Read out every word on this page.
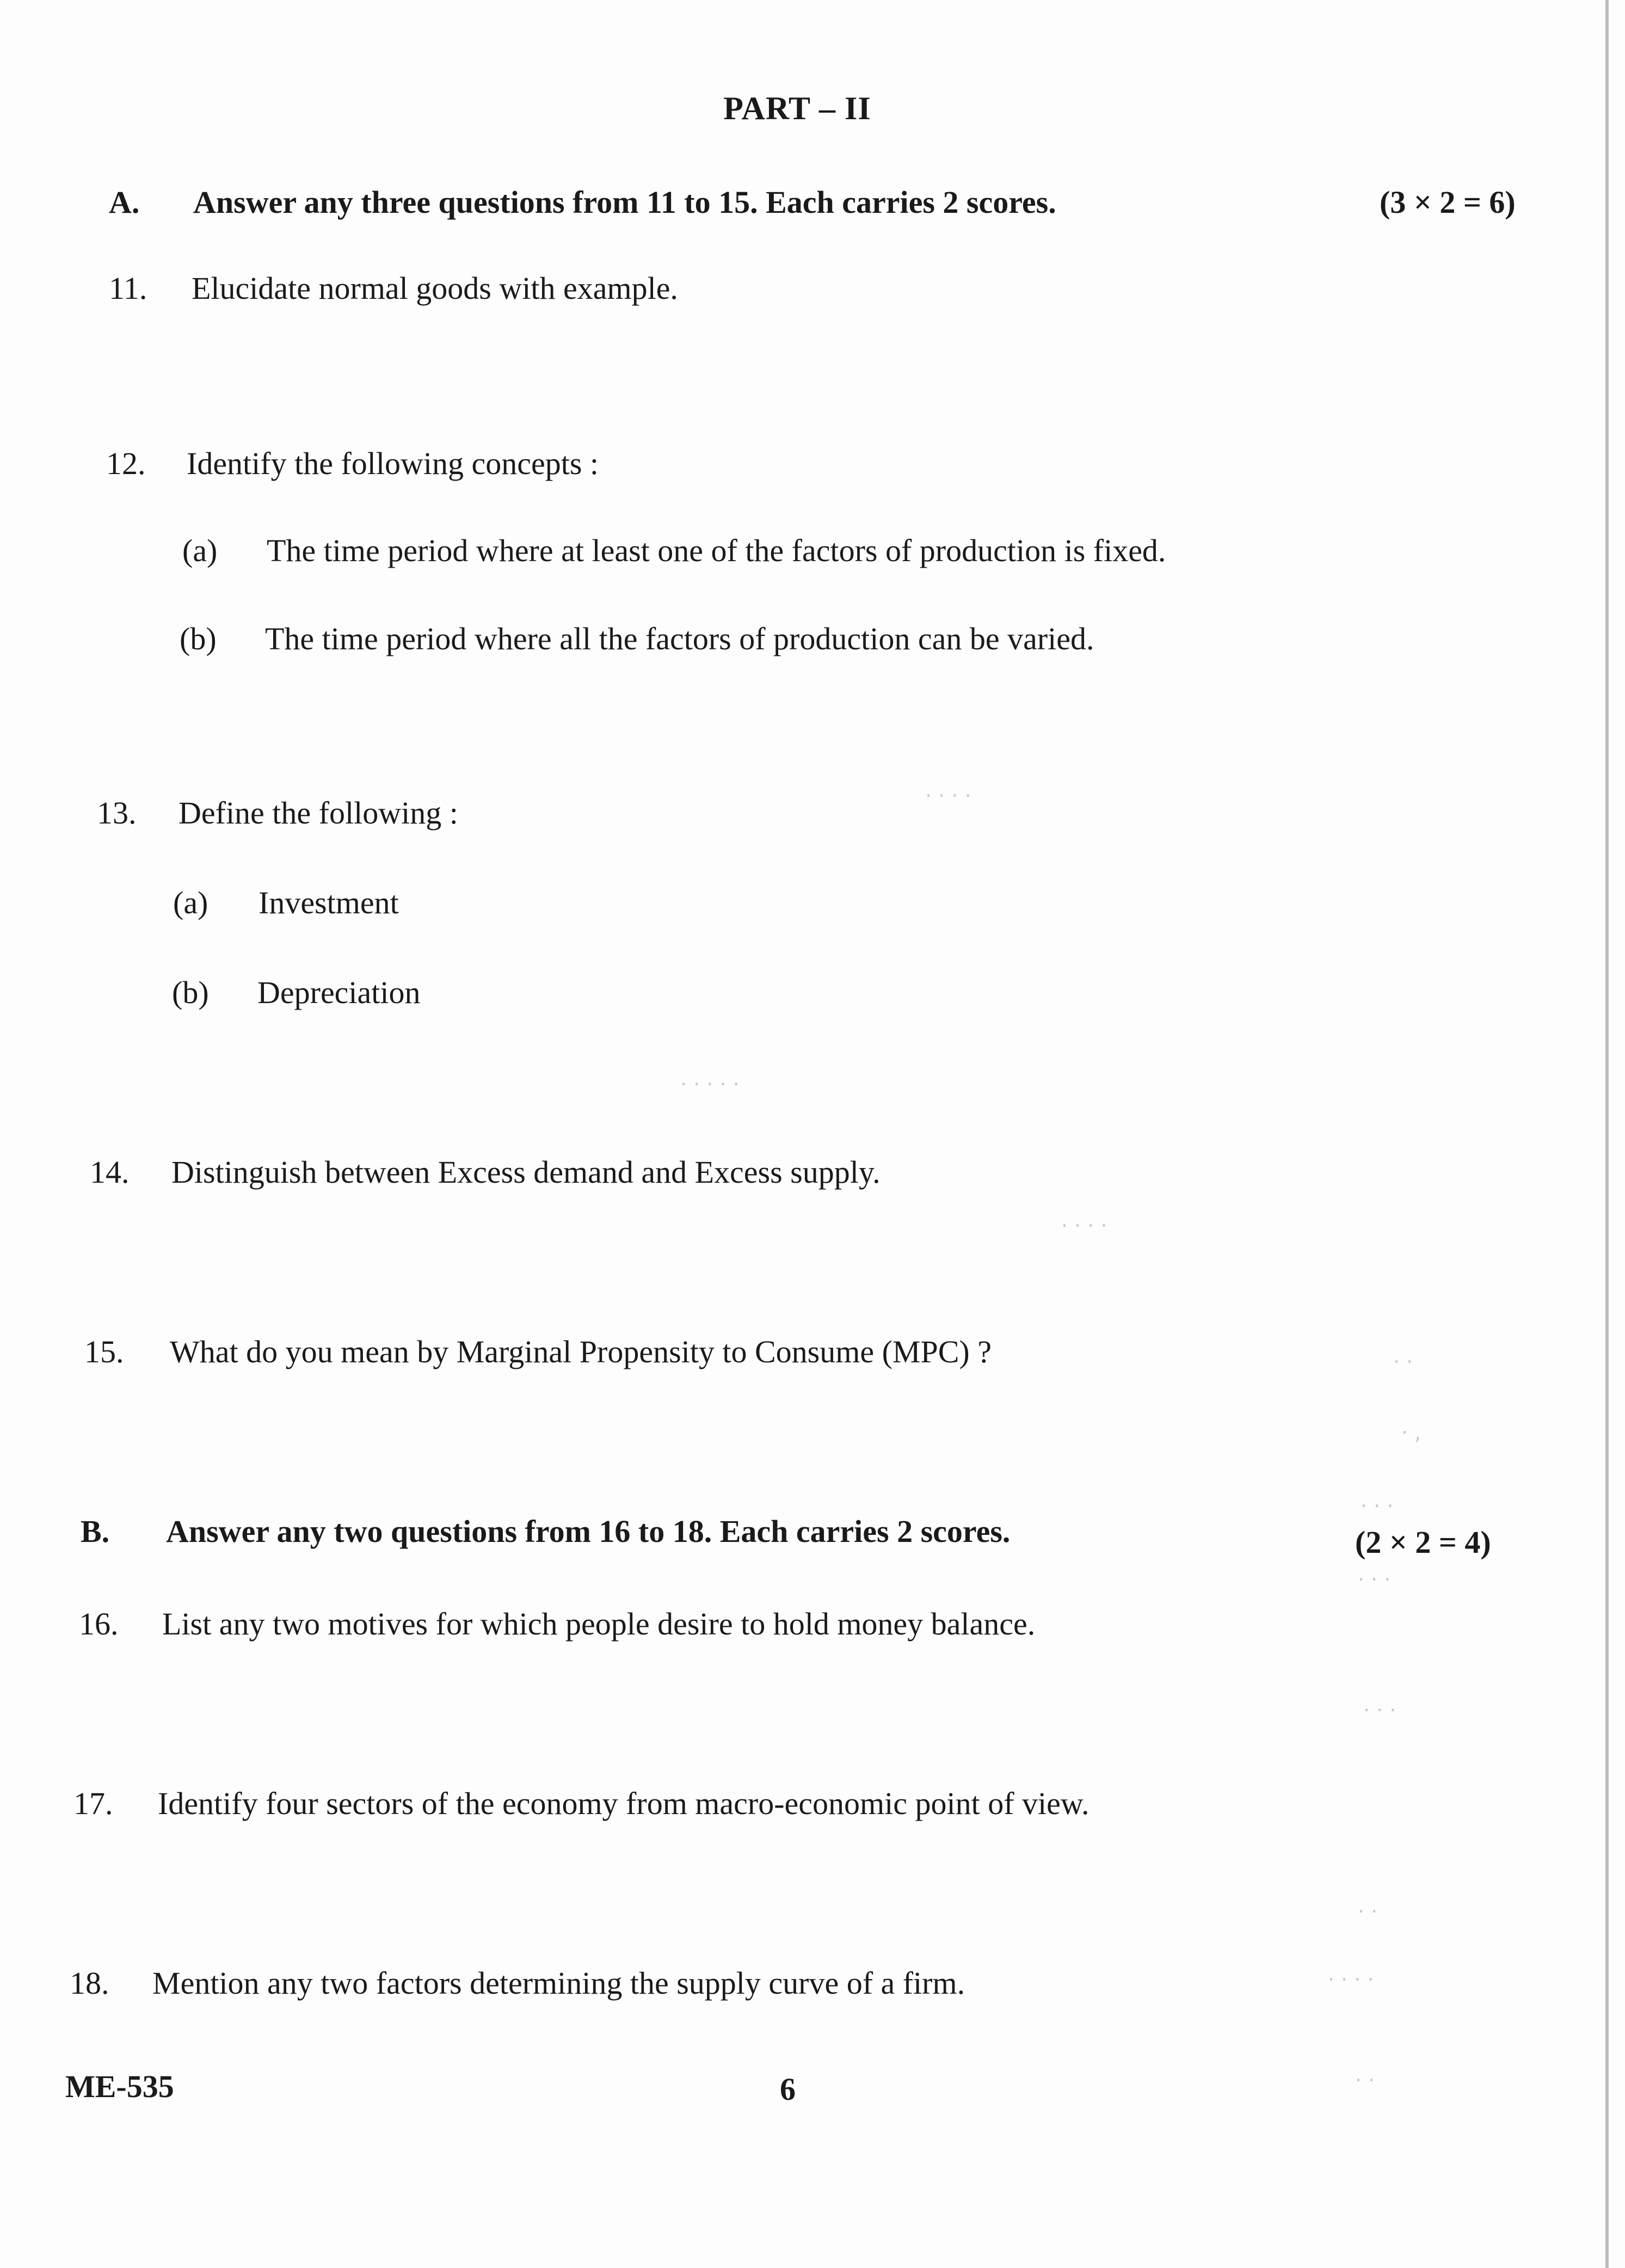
PART – II
A. Answer any three questions from 11 to 15. Each carries 2 scores.	(3 × 2 = 6)
11. Elucidate normal goods with example.
12. Identify the following concepts :
(a) The time period where at least one of the factors of production is fixed.
(b) The time period where all the factors of production can be varied.
13. Define the following :
(a) Investment
(b) Depreciation
14. Distinguish between Excess demand and Excess supply.
15. What do you mean by Marginal Propensity to Consume (MPC) ?
B. Answer any two questions from 16 to 18. Each carries 2 scores.	(2 × 2 = 4)
16. List any two motives for which people desire to hold money balance.
17. Identify four sectors of the economy from macro-economic point of view.
18. Mention any two factors determining the supply curve of a firm.
ME-535	6
· ·
· ,
· · ·
· · ·
· · ·
· ·
· · · ·
· ·
· · · ·
· · · · ·
· · · ·
